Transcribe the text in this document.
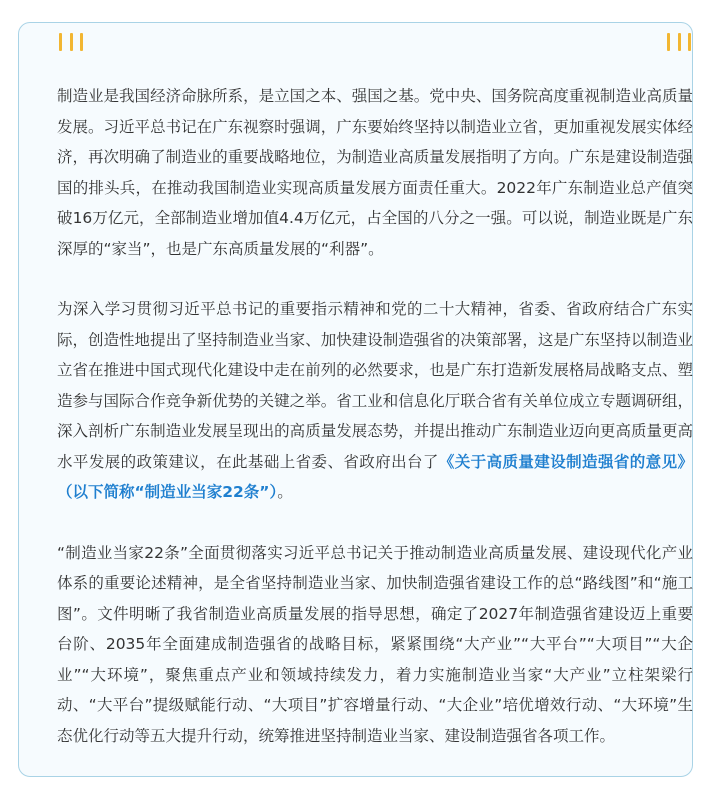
制造业是我国经济命脉所系，是立国之本、强国之基。党中央、国务院高度重视制造业高质量发展。习近平总书记在广东视察时强调，广东要始终坚持以制造业立省，更加重视发展实体经济，再次明确了制造业的重要战略地位，为制造业高质量发展指明了方向。广东是建设制造强国的排头兵，在推动我国制造业实现高质量发展方面责任重大。2022年广东制造业总产值突破16万亿元，全部制造业增加值4.4万亿元，占全国的八分之一强。可以说，制造业既是广东深厚的“家当”，也是广东高质量发展的“利器”。

为深入学习贯彻习近平总书记的重要指示精神和党的二十大精神，省委、省政府结合广东实际，创造性地提出了坚持制造业当家、加快建设制造强省的决策部署，这是广东坚持以制造业立省在推进中国式现代化建设中走在前列的必然要求，也是广东打造新发展格局战略支点、塑造参与国际合作竞争新优势的关键之举。省工业和信息化厅联合省有关单位成立专题调研组，深入剖析广东制造业发展呈现出的高质量发展态势，并提出推动广东制造业迈向更高质量更高水平发展的政策建议，在此基础上省委、省政府出台了《关于高质量建设制造强省的意见》（以下简称“制造业当家22条”）。

“制造业当家22条”全面贯彻落实习近平总书记关于推动制造业高质量发展、建设现代化产业体系的重要论述精神，是全省坚持制造业当家、加快制造强省建设工作的总“路线图”和“施工图”。文件明晰了我省制造业高质量发展的指导思想，确定了2027年制造强省建设迈上重要台阶、2035年全面建成制造强省的战略目标，紧紧围绕“大产业”“大平台”“大项目”“大企业”“大环境”，聚焦重点产业和领域持续发力，着力实施制造业当家“大产业”立柱架梁行动、“大平台”提级赋能行动、“大项目”扩容增量行动、“大企业”培优增效行动、“大环境”生态优化行动等五大提升行动，统筹推进坚持制造业当家、建设制造强省各项工作。
